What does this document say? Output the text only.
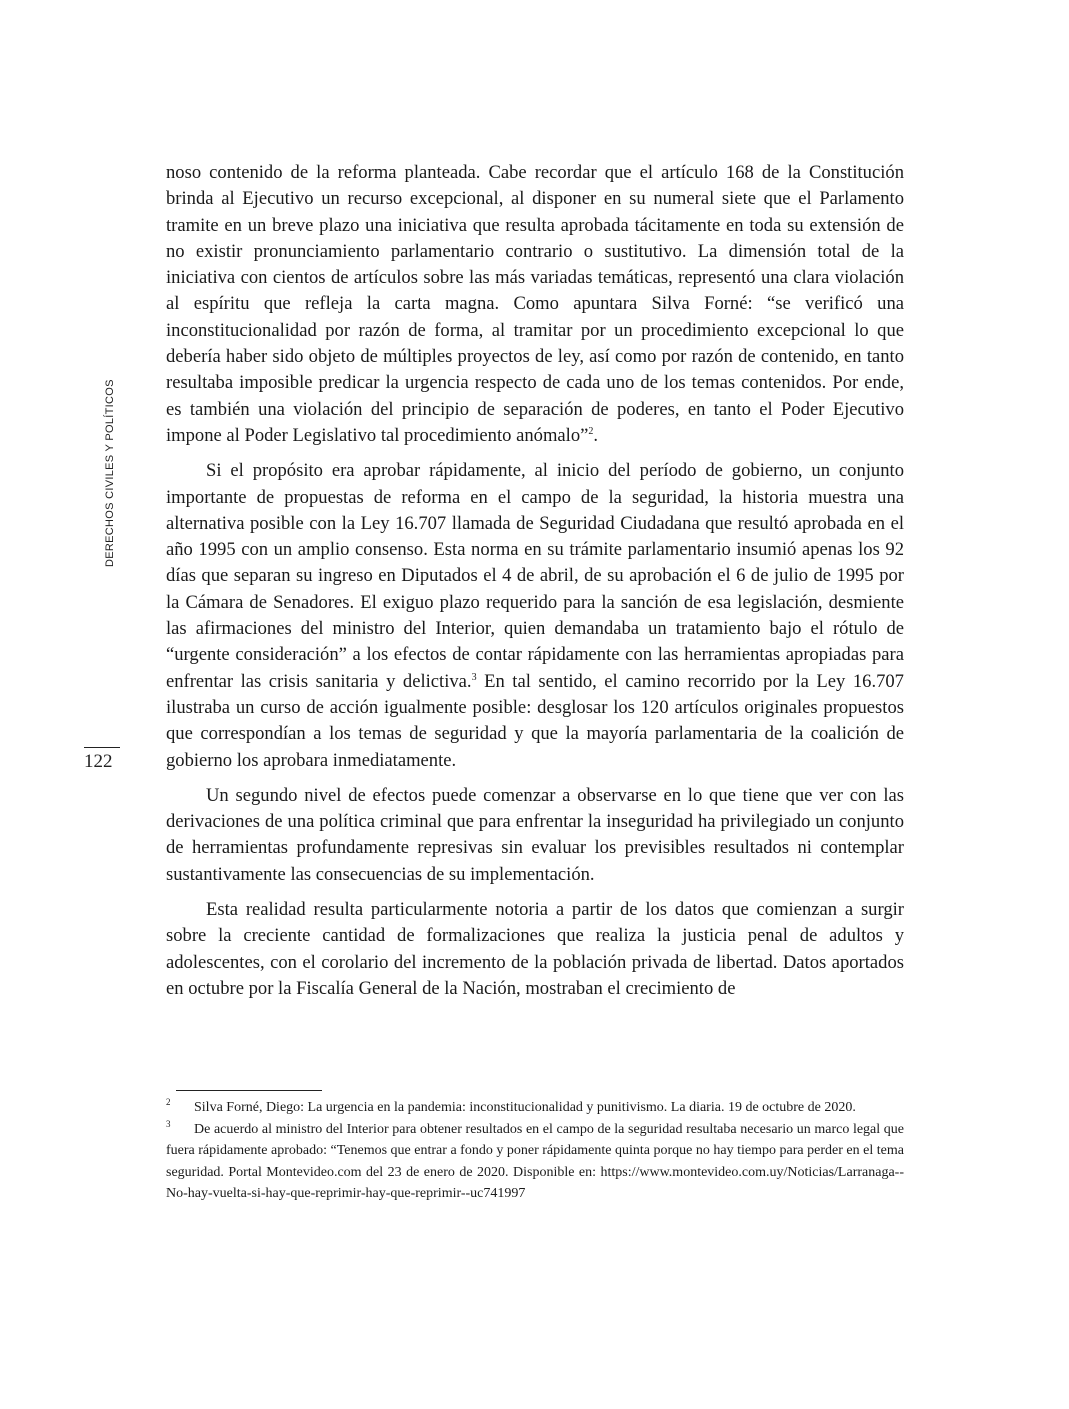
DERECHOS CIVILES Y POLÍTICOS
122

noso contenido de la reforma planteada. Cabe recordar que el artículo 168 de la Constitución brinda al Ejecutivo un recurso excepcional, al disponer en su numeral siete que el Parlamento tramite en un breve plazo una iniciativa que resulta aprobada tácitamente en toda su extensión de no existir pronunciamiento parlamentario contrario o sustitutivo. La dimensión total de la iniciativa con cientos de artículos sobre las más variadas temáticas, representó una clara violación al espíritu que refleja la carta magna. Como apuntara Silva Forné: “se verificó una inconstitucionalidad por razón de forma, al tramitar por un procedimiento excepcional lo que debería haber sido objeto de múltiples proyectos de ley, así como por razón de contenido, en tanto resultaba imposible predicar la urgencia respecto de cada uno de los temas contenidos. Por ende, es también una violación del principio de separación de poderes, en tanto el Poder Ejecutivo impone al Poder Legislativo tal procedimiento anómalo”$^2$.

Si el propósito era aprobar rápidamente, al inicio del período de gobierno, un conjunto importante de propuestas de reforma en el campo de la seguridad, la historia muestra una alternativa posible con la Ley 16.707 llamada de Seguridad Ciudadana que resultó aprobada en el año 1995 con un amplio consenso. Esta norma en su trámite parlamentario insumió apenas los 92 días que separan su ingreso en Diputados el 4 de abril, de su aprobación el 6 de julio de 1995 por la Cámara de Senadores. El exiguo plazo requerido para la sanción de esa legislación, desmiente las afirmaciones del ministro del Interior, quien demandaba un tratamiento bajo el rótulo de “urgente consideración” a los efectos de contar rápidamente con las herramientas apropiadas para enfrentar las crisis sanitaria y delictiva.$^3$ En tal sentido, el camino recorrido por la Ley 16.707 ilustraba un curso de acción igualmente posible: desglosar los 120 artículos originales propuestos que correspondían a los temas de seguridad y que la mayoría parlamentaria de la coalición de gobierno los aprobara inmediatamente.

Un segundo nivel de efectos puede comenzar a observarse en lo que tiene que ver con las derivaciones de una política criminal que para enfrentar la inseguridad ha privilegiado un conjunto de herramientas profundamente represivas sin evaluar los previsibles resultados ni contemplar sustantivamente las consecuencias de su implementación.

Esta realidad resulta particularmente notoria a partir de los datos que comienzan a surgir sobre la creciente cantidad de formalizaciones que realiza la justicia penal de adultos y adolescentes, con el corolario del incremento de la población privada de libertad. Datos aportados en octubre por la Fiscalía General de la Nación, mostraban el crecimiento de

2 Silva Forné, Diego: La urgencia en la pandemia: inconstitucionalidad y punitivismo. La diaria. 19 de octubre de 2020.

3 De acuerdo al ministro del Interior para obtener resultados en el campo de la seguridad resultaba necesario un marco legal que fuera rápidamente aprobado: “Tenemos que entrar a fondo y poner rápidamente quinta porque no hay tiempo para perder en el tema seguridad. Portal Montevideo.com del 23 de enero de 2020. Disponible en: https://www.montevideo.com.uy/Noticias/Larranaga--No-hay-vuelta-si-hay-que-reprimir-hay-que-reprimir--uc741997
